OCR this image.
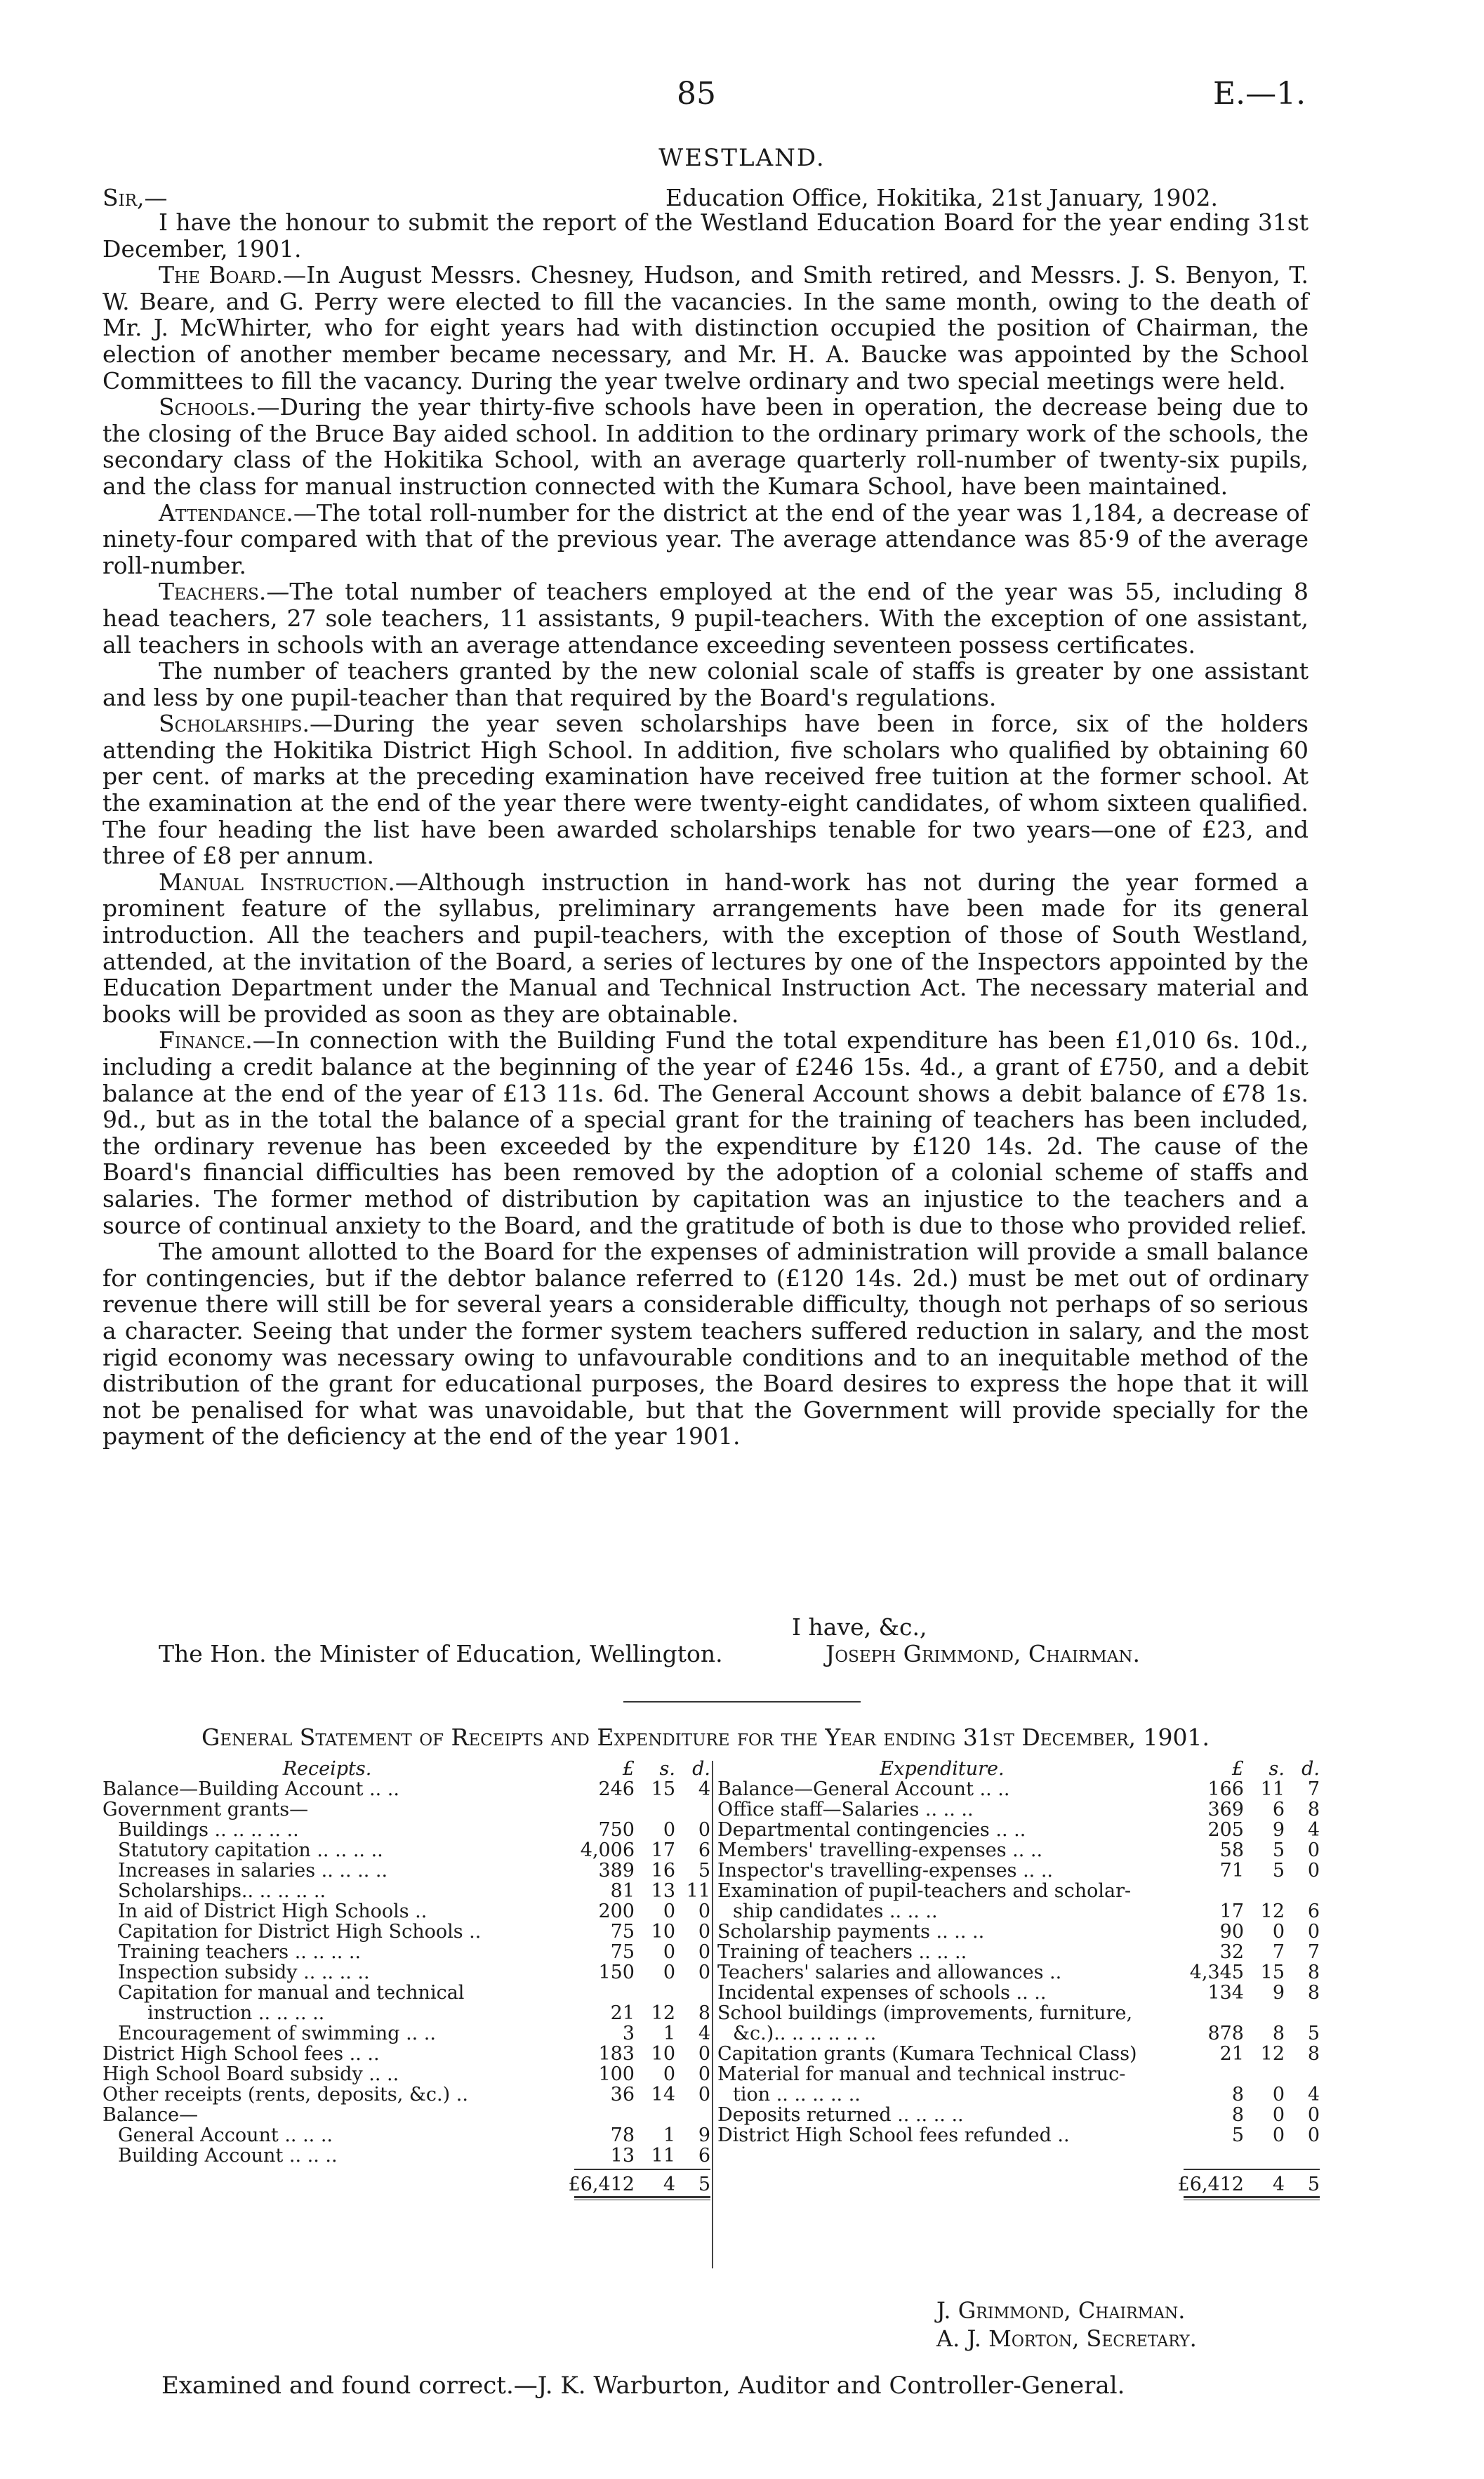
85	E.—1.
WESTLAND.
Sir,—	Education Office, Hokitika, 21st January, 1902.

I have the honour to submit the report of the Westland Education Board for the year ending 31st December, 1901.

The Board.—In August Messrs. Chesney, Hudson, and Smith retired, and Messrs. J. S. Benyon, T. W. Beare, and G. Perry were elected to fill the vacancies. In the same month, owing to the death of Mr. J. McWhirter, who for eight years had with distinction occupied the position of Chairman, the election of another member became necessary, and Mr. H. A. Baucke was appointed by the School Committees to fill the vacancy. During the year twelve ordinary and two special meetings were held.

Schools.—During the year thirty-five schools have been in operation, the decrease being due to the closing of the Bruce Bay aided school. In addition to the ordinary primary work of the schools, the secondary class of the Hokitika School, with an average quarterly roll-number of twenty-six pupils, and the class for manual instruction connected with the Kumara School, have been maintained.

Attendance.—The total roll-number for the district at the end of the year was 1,184, a decrease of ninety-four compared with that of the previous year. The average attendance was 85·9 of the average roll-number.

Teachers.—The total number of teachers employed at the end of the year was 55, including 8 head teachers, 27 sole teachers, 11 assistants, 9 pupil-teachers. With the exception of one assistant, all teachers in schools with an average attendance exceeding seventeen possess certificates.

The number of teachers granted by the new colonial scale of staffs is greater by one assistant and less by one pupil-teacher than that required by the Board's regulations.

Scholarships.—During the year seven scholarships have been in force, six of the holders attending the Hokitika District High School. In addition, five scholars who qualified by obtaining 60 per cent. of marks at the preceding examination have received free tuition at the former school. At the examination at the end of the year there were twenty-eight candidates, of whom sixteen qualified. The four heading the list have been awarded scholarships tenable for two years—one of £23, and three of £8 per annum.

Manual Instruction.—Although instruction in hand-work has not during the year formed a prominent feature of the syllabus, preliminary arrangements have been made for its general introduction. All the teachers and pupil-teachers, with the exception of those of South Westland, attended, at the invitation of the Board, a series of lectures by one of the Inspectors appointed by the Education Department under the Manual and Technical Instruction Act. The necessary material and books will be provided as soon as they are obtainable.

Finance.—In connection with the Building Fund the total expenditure has been £1,010 6s. 10d., including a credit balance at the beginning of the year of £246 15s. 4d., a grant of £750, and a debit balance at the end of the year of £13 11s. 6d. The General Account shows a debit balance of £78 1s. 9d., but as in the total the balance of a special grant for the training of teachers has been included, the ordinary revenue has been exceeded by the expenditure by £120 14s. 2d. The cause of the Board's financial difficulties has been removed by the adoption of a colonial scheme of staffs and salaries. The former method of distribution by capitation was an injustice to the teachers and a source of continual anxiety to the Board, and the gratitude of both is due to those who provided relief.

The amount allotted to the Board for the expenses of administration will provide a small balance for contingencies, but if the debtor balance referred to (£120 14s. 2d.) must be met out of ordinary revenue there will still be for several years a considerable difficulty, though not perhaps of so serious a character. Seeing that under the former system teachers suffered reduction in salary, and the most rigid economy was necessary owing to unfavourable conditions and to an inequitable method of the distribution of the grant for educational purposes, the Board desires to express the hope that it will not be penalised for what was unavoidable, but that the Government will provide specially for the payment of the deficiency at the end of the year 1901.

I have, &c.,
The Hon. the Minister of Education, Wellington.	Joseph Grimmond, Chairman.
General Statement of Receipts and Expenditure for the Year ending 31st December, 1901.
Receipts.	£ s. d.
Balance—Building Account .. ..	246 15 4
Government grants—
Buildings .. .. .. .. ..	750 0 0
Statutory capitation .. .. .. ..	4,006 17 6
Increases in salaries .. .. .. ..	389 16 5
Scholarships.. .. .. .. ..	81 13 11
In aid of District High Schools ..	200 0 0
Capitation for District High Schools ..	75 10 0
Training teachers .. .. .. ..	75 0 0
Inspection subsidy .. .. .. ..	150 0 0
Capitation for manual and technical
instruction .. .. .. ..	21 12 8
Encouragement of swimming .. ..	3 1 4
District High School fees .. ..	183 10 0
High School Board subsidy .. ..	100 0 0
Other receipts (rents, deposits, &c.) ..	36 14 0
Balance—
General Account .. .. ..	78 1 9
Building Account .. .. ..	13 11 6
£6,412 4 5
Expenditure.	£ s. d.
Balance—General Account .. ..	166 11 7
Office staff—Salaries .. .. ..	369 6 8
Departmental contingencies .. ..	205 9 4
Members' travelling-expenses .. ..	58 5 0
Inspector's travelling-expenses .. ..	71 5 0
Examination of pupil-teachers and scholar-
ship candidates .. .. ..	17 12 6
Scholarship payments .. .. ..	90 0 0
Training of teachers .. .. ..	32 7 7
Teachers' salaries and allowances ..	4,345 15 8
Incidental expenses of schools .. ..	134 9 8
School buildings (improvements, furniture,
&c.).. .. .. .. .. ..	878 8 5
Capitation grants (Kumara Technical Class)	21 12 8
Material for manual and technical instruc-
tion .. .. .. .. ..	8 0 4
Deposits returned .. .. .. ..	8 0 0
District High School fees refunded ..	5 0 0
£6,412 4 5
J. Grimmond, Chairman.
A. J. Morton, Secretary.
Examined and found correct.—J. K. Warburton, Auditor and Controller-General.
